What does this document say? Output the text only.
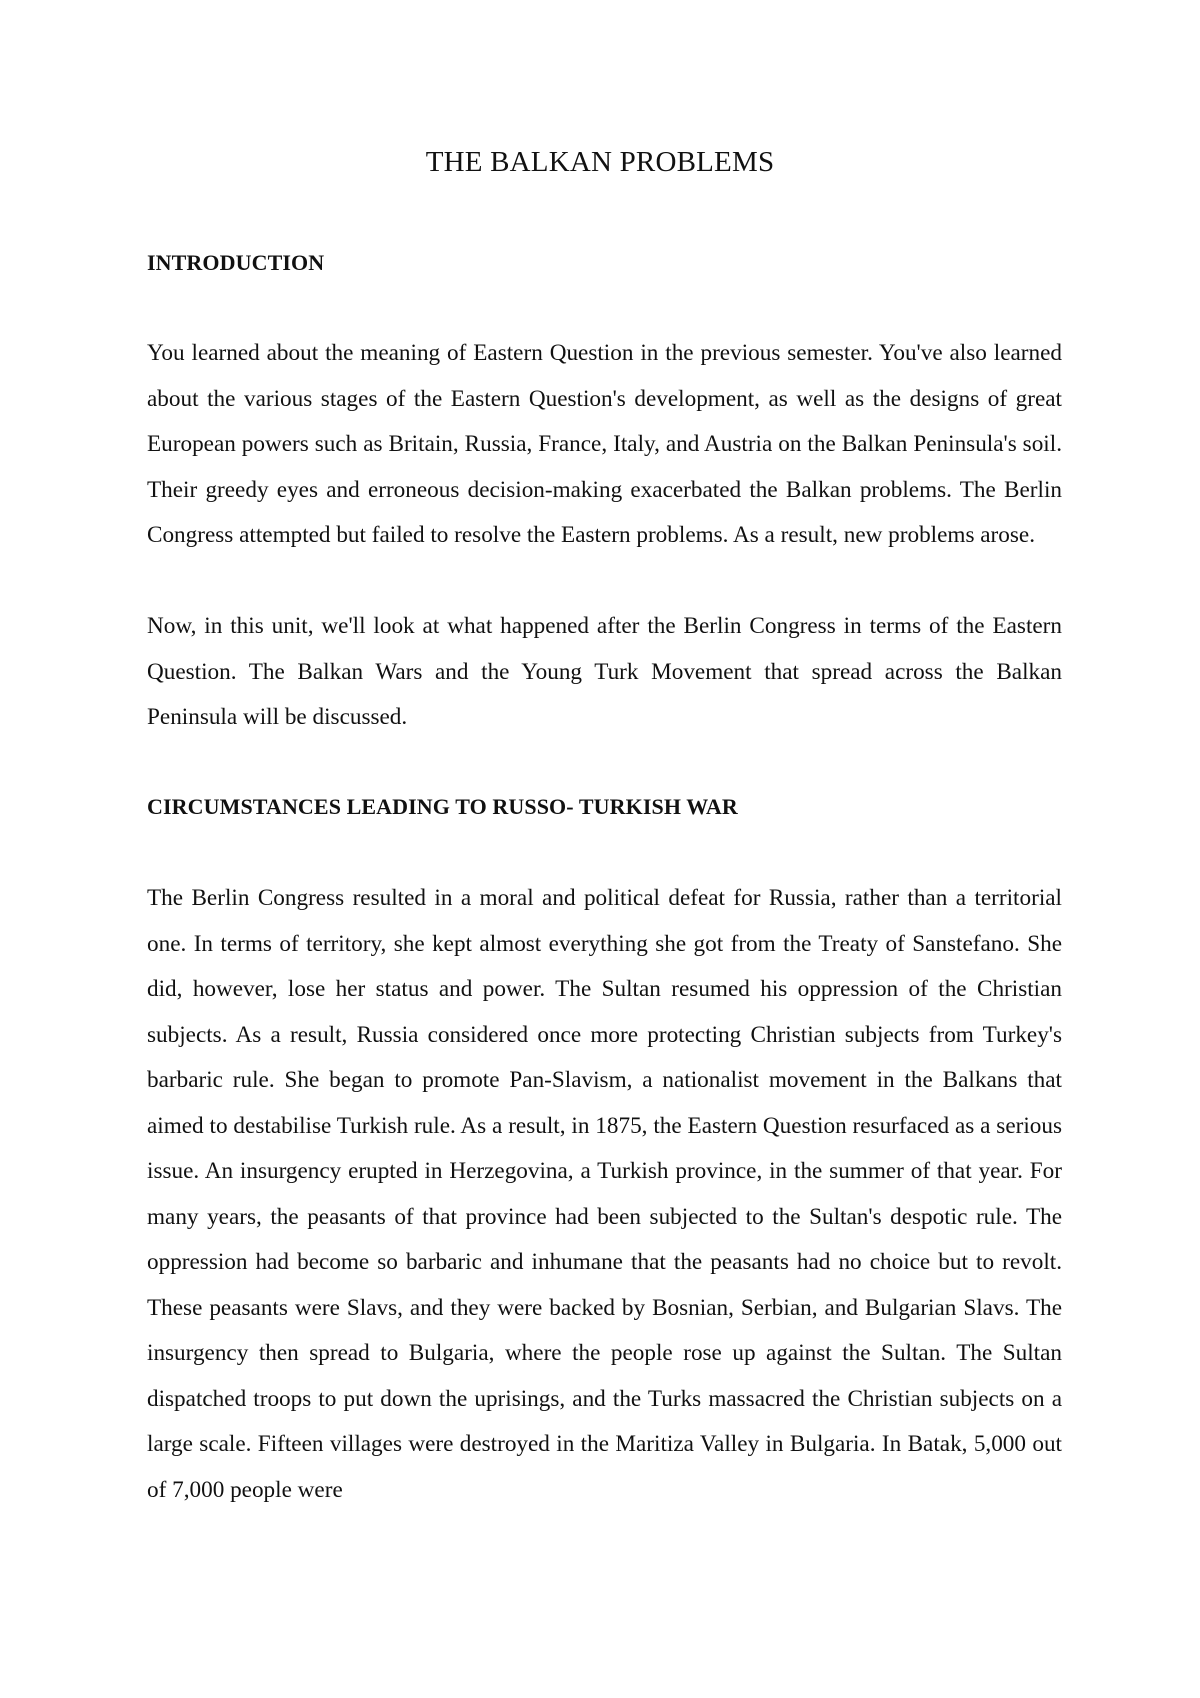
THE BALKAN PROBLEMS
INTRODUCTION

You learned about the meaning of Eastern Question in the previous semester. You've also learned about the various stages of the Eastern Question's development, as well as the designs of great European powers such as Britain, Russia, France, Italy, and Austria on the Balkan Peninsula's soil. Their greedy eyes and erroneous decision-making exacerbated the Balkan problems. The Berlin Congress attempted but failed to resolve the Eastern problems. As a result, new problems arose.

Now, in this unit, we'll look at what happened after the Berlin Congress in terms of the Eastern Question. The Balkan Wars and the Young Turk Movement that spread across the Balkan Peninsula will be discussed.

CIRCUMSTANCES LEADING TO RUSSO- TURKISH WAR

The Berlin Congress resulted in a moral and political defeat for Russia, rather than a territorial one. In terms of territory, she kept almost everything she got from the Treaty of Sanstefano. She did, however, lose her status and power. The Sultan resumed his oppression of the Christian subjects. As a result, Russia considered once more protecting Christian subjects from Turkey's barbaric rule. She began to promote Pan-Slavism, a nationalist movement in the Balkans that aimed to destabilise Turkish rule. As a result, in 1875, the Eastern Question resurfaced as a serious issue. An insurgency erupted in Herzegovina, a Turkish province, in the summer of that year. For many years, the peasants of that province had been subjected to the Sultan's despotic rule. The oppression had become so barbaric and inhumane that the peasants had no choice but to revolt. These peasants were Slavs, and they were backed by Bosnian, Serbian, and Bulgarian Slavs. The insurgency then spread to Bulgaria, where the people rose up against the Sultan. The Sultan dispatched troops to put down the uprisings, and the Turks massacred the Christian subjects on a large scale. Fifteen villages were destroyed in the Maritiza Valley in Bulgaria. In Batak, 5,000 out of 7,000 people were
